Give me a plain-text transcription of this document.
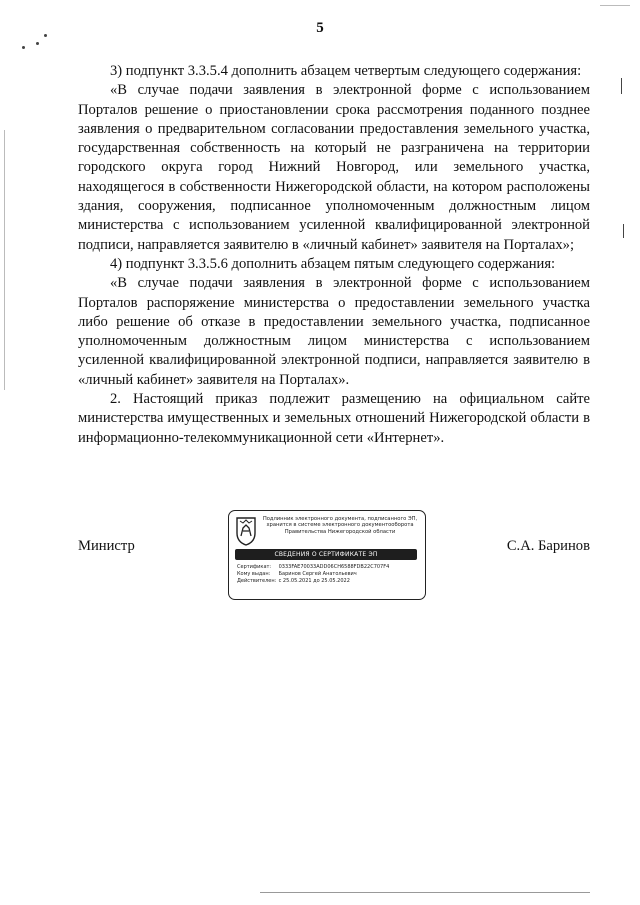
5

3) подпункт 3.3.5.4 дополнить абзацем четвертым следующего содержания:

«В случае подачи заявления в электронной форме с использованием Порталов решение о приостановлении срока рассмотрения поданного позднее заявления о предварительном согласовании предоставления земельного участка, государственная собственность на который не разграничена на территории городского округа город Нижний Новгород, или земельного участка, находящегося в собственности Нижегородской области, на котором расположены здания, сооружения, подписанное уполномоченным должностным лицом министерства с использованием усиленной квалифицированной электронной подписи, направляется заявителю в «личный кабинет» заявителя на Порталах»;

4) подпункт 3.3.5.6 дополнить абзацем пятым следующего содержания:

«В случае подачи заявления в электронной форме с использованием Порталов распоряжение министерства о предоставлении земельного участка либо решение об отказе в предоставлении земельного участка, подписанное уполномоченным должностным лицом министерства с использованием усиленной квалифицированной электронной подписи, направляется заявителю в «личный кабинет» заявителя на Порталах».

2. Настоящий приказ подлежит размещению на официальном сайте министерства имущественных и земельных отношений Нижегородской области в информационно-телекоммуникационной сети «Интернет».

Министр
Подлинник электронного документа, подписанного ЭП,
хранится в системе электронного документооборота
Правительства Нижегородской области
СВЕДЕНИЯ О СЕРТИФИКАТЕ ЭП
Сертификат: 0333FAE70033ADD06CH6588FDB22C707F4
Кому выдан: Баринов Сергей Анатольевич
Действителен: с 25.05.2021 до 25.05.2022
С.А. Баринов
